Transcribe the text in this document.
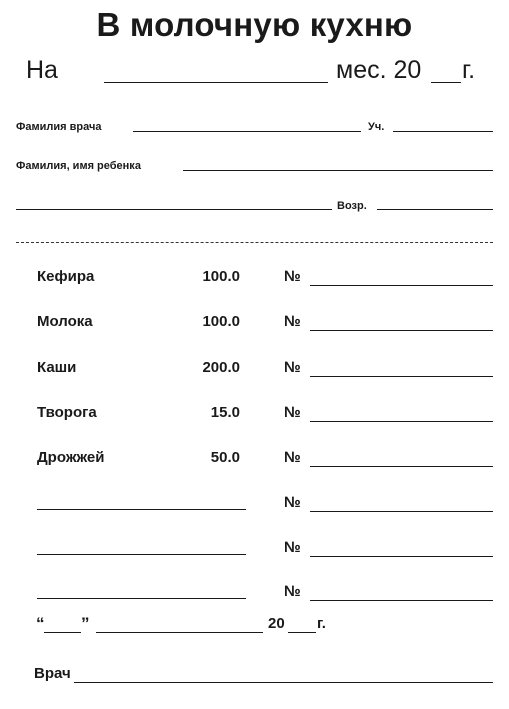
В молочную кухню
На	мес. 20 г.
Фамилия врача	Уч.
Фамилия, имя ребенка
Возр.
Кефира	100.0	№
Молока	100.0	№
Каши	200.0	№
Творога	15.0	№
Дрожжей	50.0	№
№
№
№
“ ”	20 г.
Врач
